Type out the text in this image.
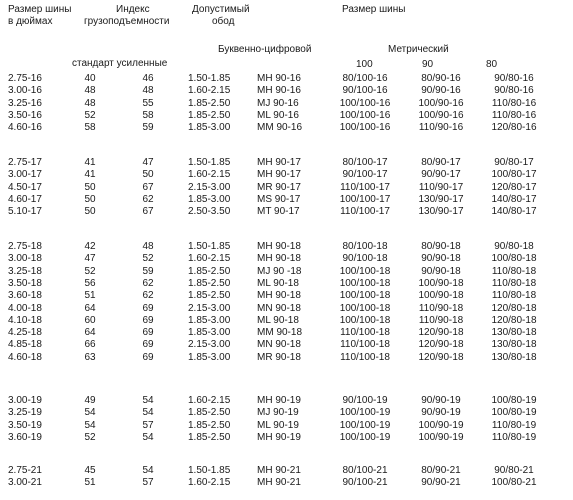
Размер шины
в дюймах
Индекс
грузоподъемности
Допустимый
обод
Размер шины
Буквенно-цифровой	Метрический
стандарт усиленные	100	90	80
2.75-16	40	46	1.50-1.85	MH 90-16	80/100-16	80/90-16	90/80-16
3.00-16	48	48	1.60-2.15	MH 90-16	90/100-16	90/90-16	90/80-16
3.25-16	48	55	1.85-2.50	MJ 90-16	100/100-16	100/90-16	110/80-16
3.50-16	52	58	1.85-2.50	ML 90-16	100/100-16	100/90-16	110/80-16
4.60-16	58	59	1.85-3.00	MM 90-16	100/100-16	110/90-16	120/80-16
2.75-17	41	47	1.50-1.85	MH 90-17	80/100-17	80/90-17	90/80-17
3.00-17	41	50	1.60-2.15	MH 90-17	90/100-17	90/90-17	100/80-17
4.50-17	50	67	2.15-3.00	MR 90-17	110/100-17	110/90-17	120/80-17
4.60-17	50	62	1.85-3.00	MS 90-17	100/100-17	130/90-17	140/80-17
5.10-17	50	67	2.50-3.50	MT 90-17	110/100-17	130/90-17	140/80-17
2.75-18	42	48	1.50-1.85	MH 90-18	80/100-18	80/90-18	90/80-18
3.00-18	47	52	1.60-2.15	MH 90-18	90/100-18	90/90-18	100/80-18
3.25-18	52	59	1.85-2.50	MJ 90 -18	100/100-18	90/90-18	110/80-18
3.50-18	56	62	1.85-2.50	ML 90-18	100/100-18	100/90-18	110/80-18
3.60-18	51	62	1.85-2.50	MH 90-18	100/100-18	100/90-18	110/80-18
4.00-18	64	69	2.15-3.00	MN 90-18	100/100-18	110/90-18	120/80-18
4.10-18	60	69	1.85-3.00	ML 90-18	100/100-18	110/90-18	120/80-18
4.25-18	64	69	1.85-3.00	MM 90-18	110/100-18	120/90-18	130/80-18
4.85-18	66	69	2.15-3.00	MN 90-18	110/100-18	120/90-18	130/80-18
4.60-18	63	69	1.85-3.00	MR 90-18	110/100-18	120/90-18	130/80-18
3.00-19	49	54	1.60-2.15	MH 90-19	90/100-19	90/90-19	100/80-19
3.25-19	54	54	1.85-2.50	MJ 90-19	100/100-19	90/90-19	100/80-19
3.50-19	54	57	1.85-2.50	ML 90-19	100/100-19	100/90-19	110/80-19
3.60-19	52	54	1.85-2.50	MH 90-19	100/100-19	100/90-19	110/80-19
2.75-21	45	54	1.50-1.85	MH 90-21	80/100-21	80/90-21	90/80-21
3.00-21	51	57	1.60-2.15	MH 90-21	90/100-21	90/90-21	100/80-21
